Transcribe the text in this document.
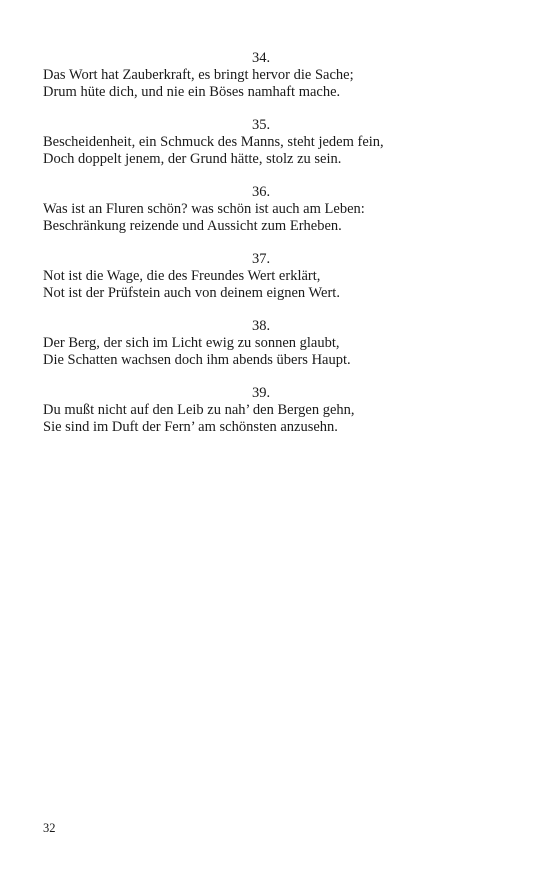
34.
Das Wort hat Zauberkraft, es bringt hervor die Sache;
Drum hüte dich, und nie ein Böses namhaft mache.
35.
Bescheidenheit, ein Schmuck des Manns, steht jedem fein,
Doch doppelt jenem, der Grund hätte, stolz zu sein.
36.
Was ist an Fluren schön? was schön ist auch am Leben:
Beschränkung reizende und Aussicht zum Erheben.
37.
Not ist die Wage, die des Freundes Wert erklärt,
Not ist der Prüfstein auch von deinem eignen Wert.
38.
Der Berg, der sich im Licht ewig zu sonnen glaubt,
Die Schatten wachsen doch ihm abends übers Haupt.
39.
Du mußt nicht auf den Leib zu nah’ den Bergen gehn,
Sie sind im Duft der Fern’ am schönsten anzusehn.
32
